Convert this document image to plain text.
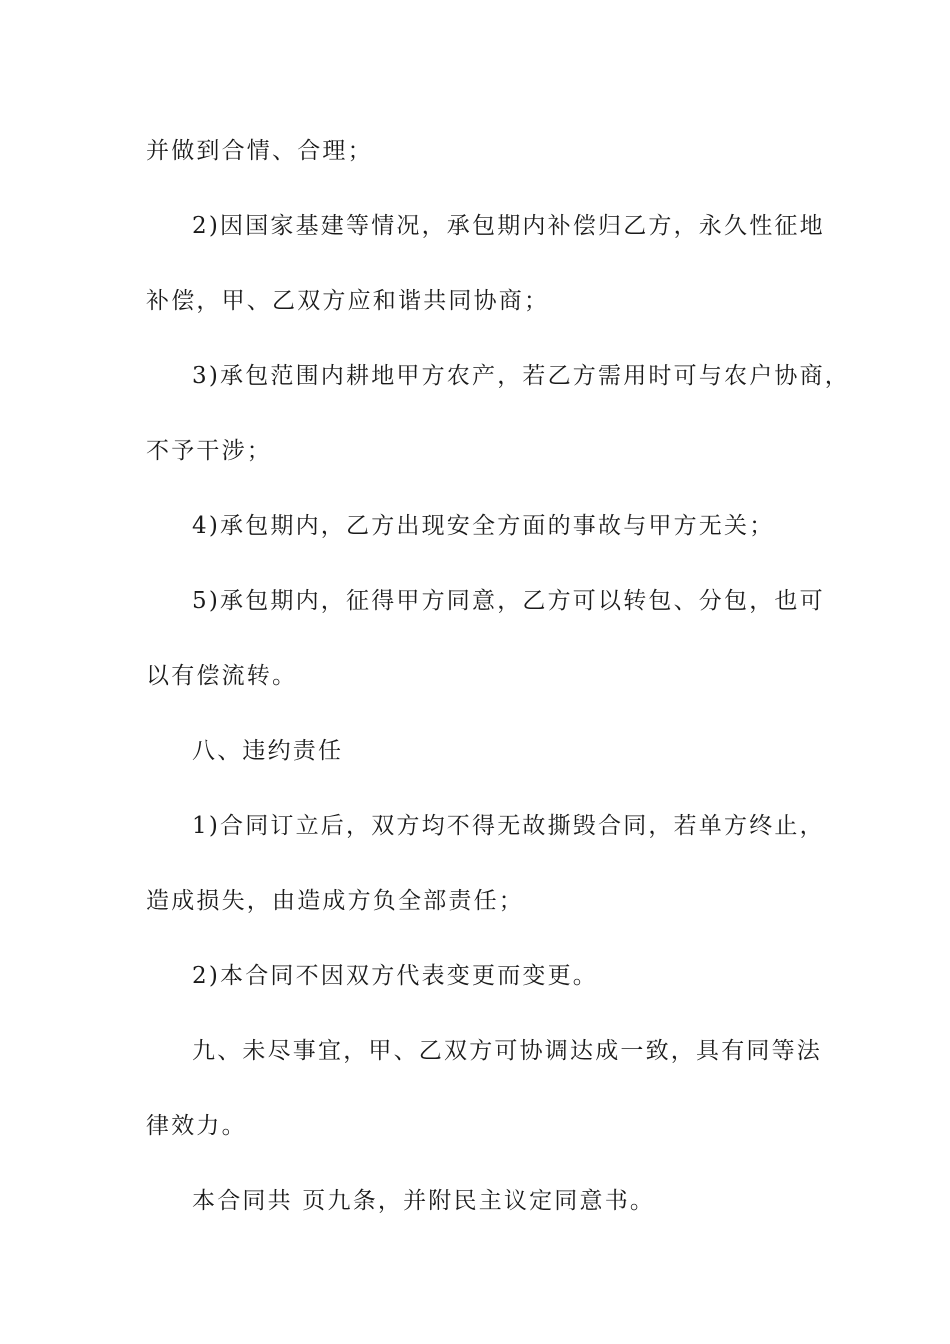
并做到合情、合理；
2)因国家基建等情况，承包期内补偿归乙方，永久性征地
补偿，甲、乙双方应和谐共同协商；
3)承包范围内耕地甲方农产，若乙方需用时可与农户协商，
不予干涉；
4)承包期内，乙方出现安全方面的事故与甲方无关；
5)承包期内，征得甲方同意，乙方可以转包、分包，也可
以有偿流转。
八、违约责任
1)合同订立后，双方均不得无故撕毁合同，若单方终止，
造成损失，由造成方负全部责任；
2)本合同不因双方代表变更而变更。
九、未尽事宜，甲、乙双方可协调达成一致，具有同等法
律效力。
本合同共 页九条，并附民主议定同意书。
